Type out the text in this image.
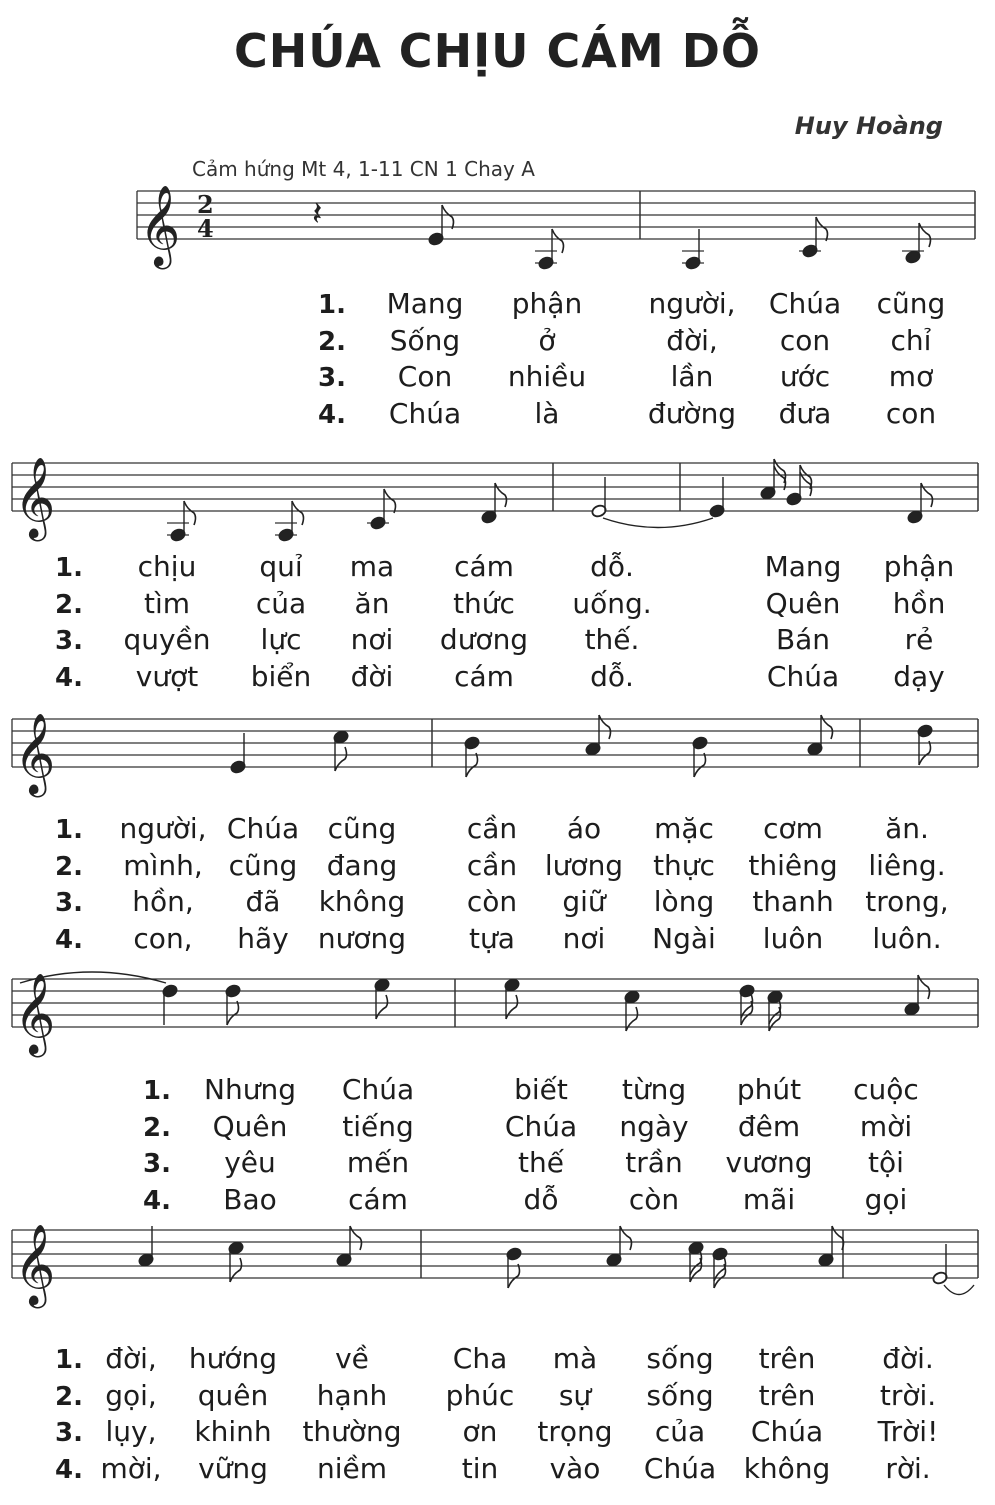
CHÚA CHỊU CÁM DỖ
Huy Hoàng
Cảm hứng Mt 4, 1-11 CN 1 Chay A
𝄞 2
4	𝄽
𝄞
𝄞
𝄞
𝄞
1. Mang phận người, Chúa cũng
2. Sống	ở	đời, con chỉ
3. Con nhiều	lần ước mơ
4. Chúa	là	đường đưa con
1. chịu quỉ ma cám	dỗ.	Mang phận
2. tìm của ăn thức uống.	Quên hồn
3. quyền lực nơi dương thế.	Bán	rẻ
4. vượt biển đời cám	dỗ.	Chúa dạy
1. người, Chúa cũng	cần áo mặc cơm ăn.
2. mình, cũng đang cần lương thực thiêng liêng.
3. hồn, đã không còn giữ lòng thanh trong,
4. con, hãy nương tựa nơi Ngài luôn luôn.
1. Nhưng Chúa	biết từng phút cuộc
2. Quên tiếng	Chúa ngày đêm mời
3. yêu	mến	thế trần vương tội
4. Bao	cám	dỗ	còn mãi gọi
1. đời, hướng về	Cha mà sống trên đời.
2. gọi, quên hạnh phúc sự sống trên trời.
3. lụy, khinh thường ơn trọng của Chúa Trời!
4. mời, vững niềm	tin vào Chúa không rời.
